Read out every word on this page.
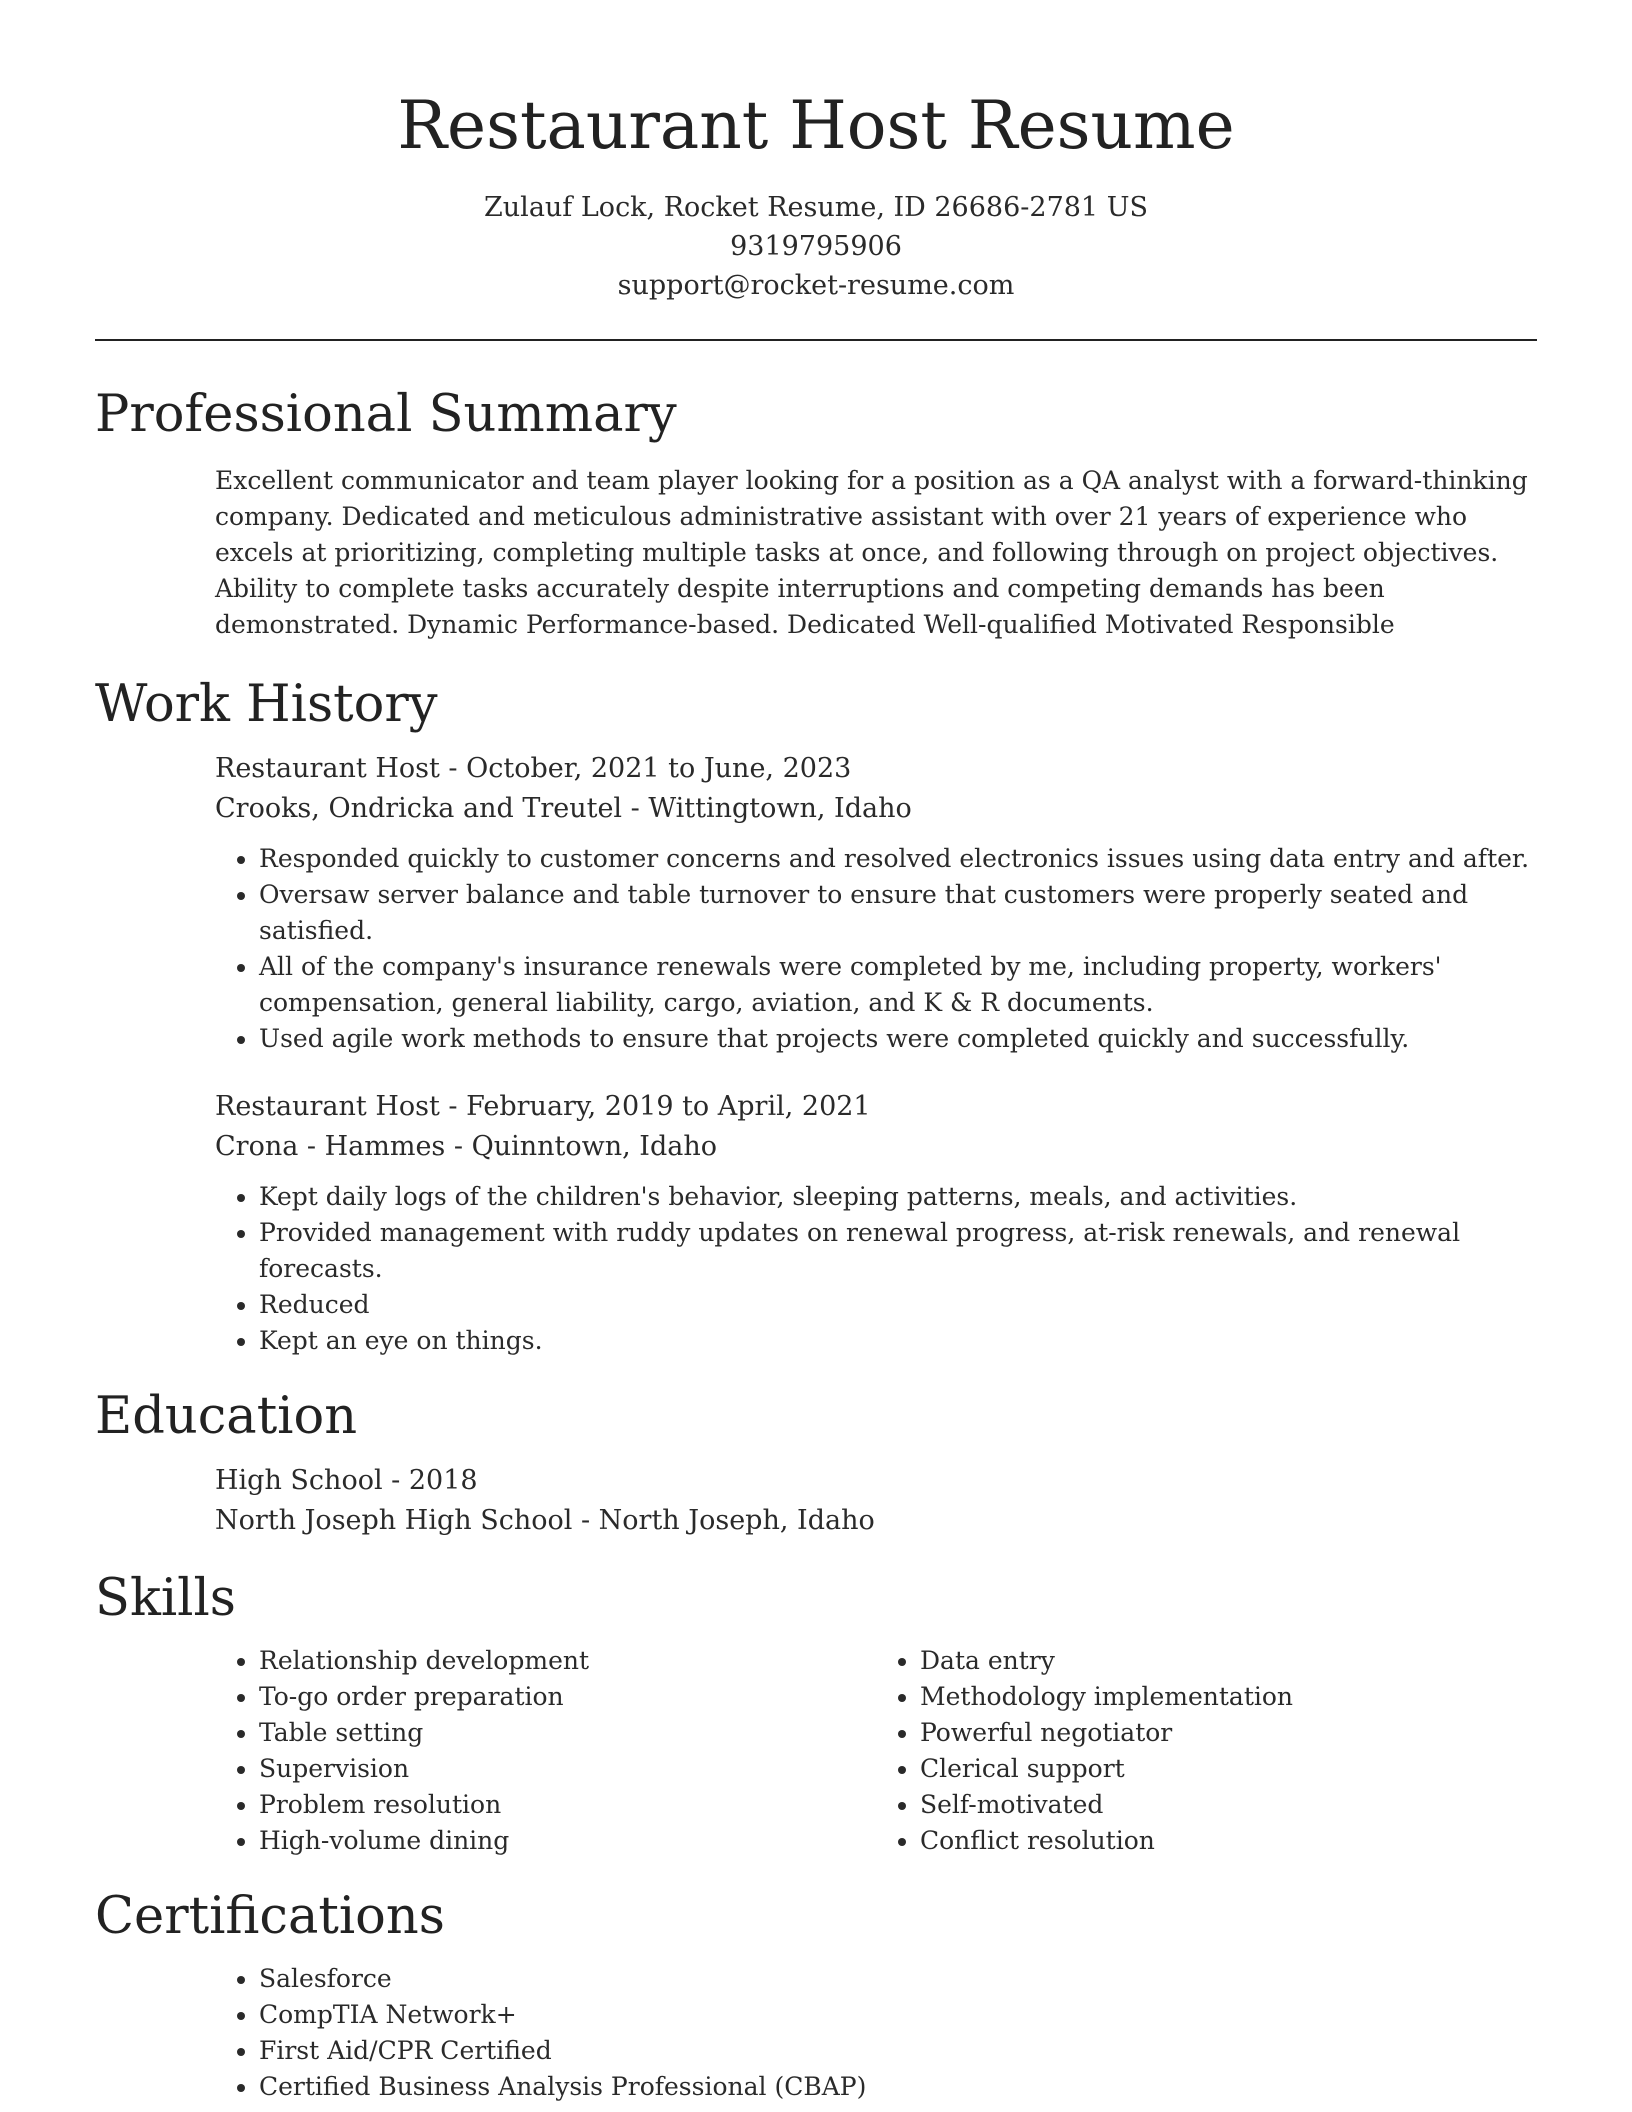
Restaurant Host Resume
Zulauf Lock, Rocket Resume, ID 26686-2781 US
9319795906
support@rocket-resume.com
Professional Summary

Excellent communicator and team player looking for a position as a QA analyst with a forward-thinking company. Dedicated and meticulous administrative assistant with over 21 years of experience who excels at prioritizing, completing multiple tasks at once, and following through on project objectives. Ability to complete tasks accurately despite interruptions and competing demands has been demonstrated. Dynamic Performance-based. Dedicated Well-qualified Motivated Responsible

Work History
Restaurant Host - October, 2021 to June, 2023
Crooks, Ondricka and Treutel - Wittingtown, Idaho
• Responded quickly to customer concerns and resolved electronics issues using data entry and after.
• Oversaw server balance and table turnover to ensure that customers were properly seated and satisfied.
• All of the company's insurance renewals were completed by me, including property, workers' compensation, general liability, cargo, aviation, and K & R documents.
• Used agile work methods to ensure that projects were completed quickly and successfully.
Restaurant Host - February, 2019 to April, 2021
Crona - Hammes - Quinntown, Idaho
• Kept daily logs of the children's behavior, sleeping patterns, meals, and activities.
• Provided management with ruddy updates on renewal progress, at-risk renewals, and renewal forecasts.
• Reduced
• Kept an eye on things.
Education
High School - 2018
North Joseph High School - North Joseph, Idaho
Skills
• Relationship development
• To-go order preparation
• Table setting
• Supervision
• Problem resolution
• High-volume dining
• Data entry
• Methodology implementation
• Powerful negotiator
• Clerical support
• Self-motivated
• Conflict resolution
Certifications
• Salesforce
• CompTIA Network+
• First Aid/CPR Certified
• Certified Business Analysis Professional (CBAP)
